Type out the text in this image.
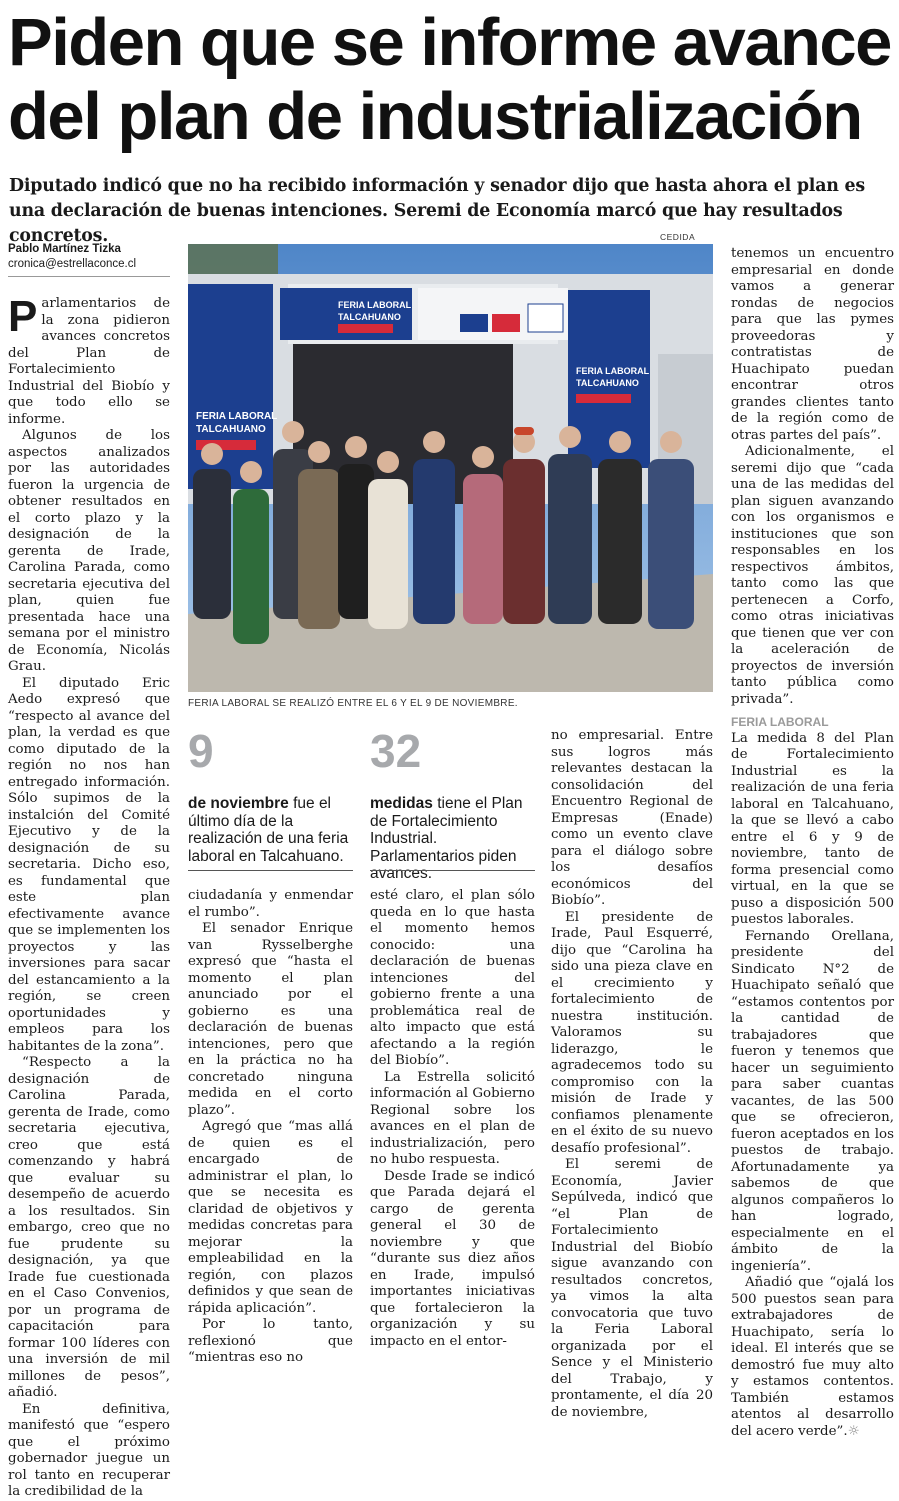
Piden que se informe avance del plan de industrialización

Diputado indicó que no ha recibido información y senador dijo que hasta ahora el plan es una declaración de buenas intenciones. Seremi de Economía marcó que hay resultados concretos.

Pablo Martínez Tizka
cronica@estrellaconce.cl

Parlamentarios de la zona pidieron avances concretos del Plan de Fortalecimiento Industrial del Biobío y que todo ello se informe.

Algunos de los aspectos analizados por las autoridades fueron la urgencia de obtener resultados en el corto plazo y la designación de la gerenta de Irade, Carolina Parada, como secretaria ejecutiva del plan, quien fue presentada hace una semana por el ministro de Economía, Nicolás Grau.

El diputado Eric Aedo expresó que “respecto al avance del plan, la verdad es que como diputado de la región no nos han entregado información. Sólo supimos de la instalción del Comité Ejecutivo y de la designación de su secretaria. Dicho eso, es fundamental que este plan efectivamente avance que se implementen los proyectos y las inversiones para sacar del estancamiento a la región, se creen oportunidades y empleos para los habitantes de la zona”.

“Respecto a la designación de Carolina Parada, gerenta de Irade, como secretaria ejecutiva, creo que está comenzando y habrá que evaluar su desempeño de acuerdo a los resultados. Sin embargo, creo que no fue prudente su designación, ya que Irade fue cuestionada en el Caso Convenios, por un programa de capacitación para formar 100 líderes con una inversión de mil millones de pesos”, añadió.

En definitiva, manifestó que “espero que el próximo gobernador juegue un rol tanto en recuperar la credibilidad de la

CEDIDA
FERIA LABORAL
TALCAHUANO
FERIA LABORAL
TALCAHUANO
FERIA LABORAL
TALCAHUANO
FERIA LABORAL SE REALIZÓ ENTRE EL 6 Y EL 9 DE NOVIEMBRE.
9
de noviembre fue el último día de la realización de una feria laboral en Talcahuano.
32
medidas tiene el Plan de Fortalecimiento Industrial. Parlamentarios piden avances.

ciudadanía y enmendar el rumbo”.

El senador Enrique van Rysselberghe expresó que “hasta el momento el plan anunciado por el gobierno es una declaración de buenas intenciones, pero que en la práctica no ha concretado ninguna medida en el corto plazo”.

Agregó que “mas allá de quien es el encargado de administrar el plan, lo que se necesita es claridad de objetivos y medidas concretas para mejorar la empleabilidad en la región, con plazos definidos y que sean de rápida aplicación”.

Por lo tanto, reflexionó que “mientras eso no

esté claro, el plan sólo queda en lo que hasta el momento hemos conocido: una declaración de buenas intenciones del gobierno frente a una problemática real de alto impacto que está afectando a la región del Biobío”.

La Estrella solicitó información al Gobierno Regional sobre los avances en el plan de industrialización, pero no hubo respuesta.

Desde Irade se indicó que Parada dejará el cargo de gerenta general el 30 de noviembre y que “durante sus diez años en Irade, impulsó importantes iniciativas que fortalecieron la organización y su impacto en el entor-

no empresarial. Entre sus logros más relevantes destacan la consolidación del Encuentro Regional de Empresas (Enade) como un evento clave para el diálogo sobre los desafíos económicos del Biobío”.

El presidente de Irade, Paul Esquerré, dijo que “Carolina ha sido una pieza clave en el crecimiento y fortalecimiento de nuestra institución. Valoramos su liderazgo, le agradecemos todo su compromiso con la misión de Irade y confiamos plenamente en el éxito de su nuevo desafío profesional”.

El seremi de Economía, Javier Sepúlveda, indicó que “el Plan de Fortalecimiento Industrial del Biobío sigue avanzando con resultados concretos, ya vimos la alta convocatoria que tuvo la Feria Laboral organizada por el Sence y el Ministerio del Trabajo, y prontamente, el día 20 de noviembre,

tenemos un encuentro empresarial en donde vamos a generar rondas de negocios para que las pymes proveedoras y contratistas de Huachipato puedan encontrar otros grandes clientes tanto de la región como de otras partes del país”.

Adicionalmente, el seremi dijo que “cada una de las medidas del plan siguen avanzando con los organismos e instituciones que son responsables en los respectivos ámbitos, tanto como las que pertenecen a Corfo, como otras iniciativas que tienen que ver con la aceleración de proyectos de inversión tanto pública como privada”.

FERIA LABORAL

La medida 8 del Plan de Fortalecimiento Industrial es la realización de una feria laboral en Talcahuano, la que se llevó a cabo entre el 6 y 9 de noviembre, tanto de forma presencial como virtual, en la que se puso a disposición 500 puestos laborales.

Fernando Orellana, presidente del Sindicato N°2 de Huachipato señaló que “estamos contentos por la cantidad de trabajadores que fueron y tenemos que hacer un seguimiento para saber cuantas vacantes, de las 500 que se ofrecieron, fueron aceptados en los puestos de trabajo. Afortunadamente ya sabemos de que algunos compañeros lo han logrado, especialmente en el ámbito de la ingeniería”.

Añadió que “ojalá los 500 puestos sean para extrabajadores de Huachipato, sería lo ideal. El interés que se demostró fue muy alto y estamos contentos. También estamos atentos al desarrollo del acero verde”.☼
